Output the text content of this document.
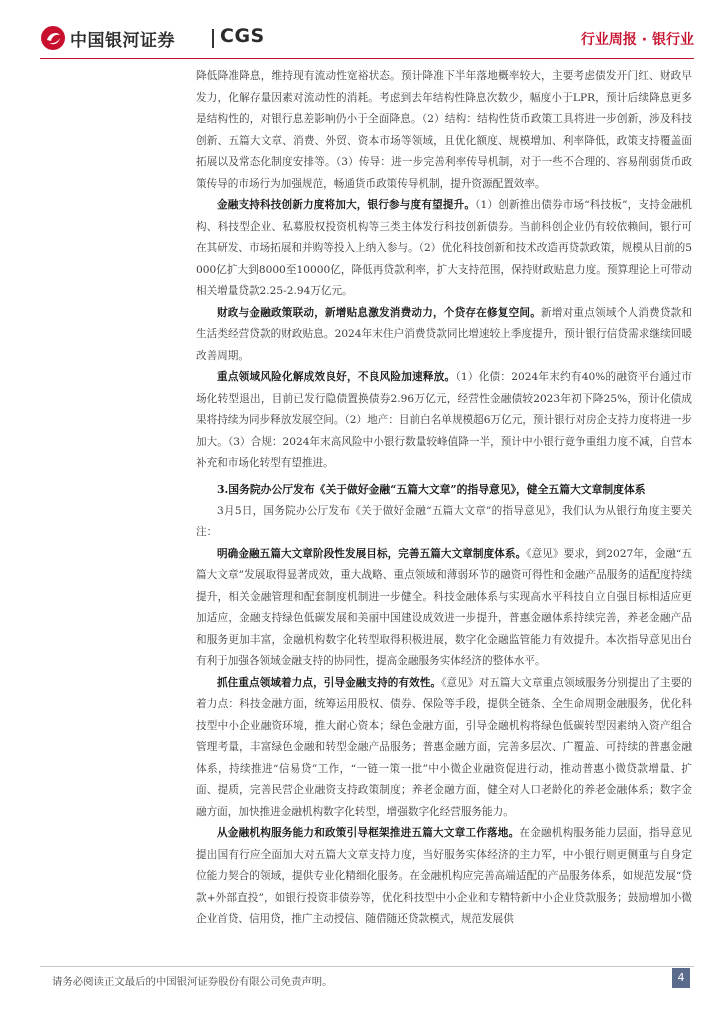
中国银河证券 CGS	行业周报 · 银行业

降低降准降息，维持现有流动性宽裕状态。预计降准下半年落地概率较大，主要考虑债发开门红、财政早发力，化解存量因素对流动性的消耗。考虑到去年结构性降息次数少，幅度小于LPR，预计后续降息更多是结构性的，对银行息差影响仍小于全面降息。（2）结构：结构性货币政策工具将进一步创新，涉及科技创新、五篇大文章、消费、外贸、资本市场等领域，且优化额度、规模增加、利率降低，政策支持覆盖面拓展以及常态化制度安排等。（3）传导：进一步完善利率传导机制，对于一些不合理的、容易削弱货币政策传导的市场行为加强规范，畅通货币政策传导机制，提升资源配置效率。

金融支持科技创新力度将加大，银行参与度有望提升。（1）创新推出债券市场“科技板”，支持金融机构、科技型企业、私募股权投资机构等三类主体发行科技创新债券。当前科创企业仍有较依赖间，银行可在其研发、市场拓展和并购等投入上纳入参与。（2）优化科技创新和技术改造再贷款政策，规模从目前的5000亿扩大到8000至10000亿，降低再贷款利率，扩大支持范围，保持财政贴息力度。预算理论上可带动相关增量贷款2.25-2.94万亿元。

财政与金融政策联动，新增贴息激发消费动力，个贷存在修复空间。新增对重点领域个人消费贷款和生活类经营贷款的财政贴息。2024年末住户消费贷款同比增速较上季度提升，预计银行信贷需求继续回暖改善周期。

重点领域风险化解成效良好，不良风险加速释放。（1）化债：2024年末约有40%的融资平台通过市场化转型退出，目前已发行隐债置换债券2.96万亿元，经营性金融债较2023年初下降25%，预计化债成果将持续为同步释放发展空间。（2）地产：目前白名单规模超6万亿元，预计银行对房企支持力度将进一步加大。（3）合规：2024年末高风险中小银行数量较峰值降一半，预计中小银行竟争重组力度不减，自营本补充和市场化转型有望推进。

3.国务院办公厅发布《关于做好金融“五篇大文章”的指导意见》，健全五篇大文章制度体系

3月5日，国务院办公厅发布《关于做好金融“五篇大文章”的指导意见》，我们认为从银行角度主要关注：

明确金融五篇大文章阶段性发展目标，完善五篇大文章制度体系。《意见》要求，到2027年，金融“五篇大文章”发展取得显著成效，重大战略、重点领域和薄弱环节的融资可得性和金融产品服务的适配度持续提升，相关金融管理和配套制度机制进一步健全。科技金融体系与实现高水平科技自立自强目标相适应更加适应，金融支持绿色低碳发展和美丽中国建设成效进一步提升，普惠金融体系持续完善，养老金融产品和服务更加丰富，金融机构数字化转型取得积极进展，数字化金融监管能力有效提升。本次指导意见出台有利于加强各领域金融支持的协同性，提高金融服务实体经济的整体水平。

抓住重点领域着力点，引导金融支持的有效性。《意见》对五篇大文章重点领域服务分别提出了主要的着力点：科技金融方面，统筹运用股权、债券、保险等手段，提供全链条、全生命周期金融服务，优化科技型中小企业融资环境，推大耐心资本；绿色金融方面，引导金融机构将绿色低碳转型因素纳入资产组合管理考量，丰富绿色金融和转型金融产品服务；普惠金融方面，完善多层次、广覆盖、可持续的普惠金融体系，持续推进“信易贷”工作，“一链一策一批”中小微企业融资促进行动，推动普惠小微贷款增量、扩面、提质，完善民营企业融资支持政策制度；养老金融方面，健全对人口老龄化的养老金融体系；数字金融方面，加快推进金融机构数字化转型，增强数字化经营服务能力。

从金融机构服务能力和政策引导框架推进五篇大文章工作落地。在金融机构服务能力层面，指导意见提出国有行应全面加大对五篇大文章支持力度，当好服务实体经济的主力军，中小银行则更侧重与自身定位能力契合的领域，提供专业化精细化服务。在金融机构应完善高端适配的产品服务体系，如规范发展“贷款+外部直投”，如银行投资非债券等，优化科技型中小企业和专精特新中小企业贷款服务；鼓励增加小微企业首贷、信用贷，推广主动授信、随借随还贷款模式，规范发展供

请务必阅读正文最后的中国银河证券股份有限公司免责声明。	4
